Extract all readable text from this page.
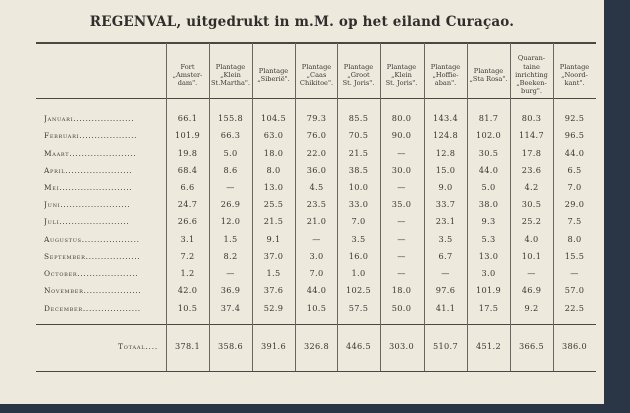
REGENVAL, uitgedrukt in m.M. op het eiland Curaçao.
Fort
„Amster-
dam".
Plantage
„Klein
St.Martha".
Plantage
„Siberië".
Plantage
„Caas
Chikitoe".
Plantage
„Groot
St. Joris".
Plantage
„Klein
St. Joris".
Plantage
„Hoffie-
aban".
Plantage
„Sta Rosa".
Quaran-
taine
inrichting
„Beeken-
burg".
Plantage
„Noord-
kant".
Januari....................	66.1	155.8	104.5	79.3	85.5	80.0	143.4	81.7	80.3	92.5
Februari...................	101.9	66.3	63.0	76.0	70.5	90.0	124.8	102.0	114.7	96.5
Maart......................	19.8	5.0	18.0	22.0	21.5	—	12.8	30.5	17.8	44.0
April......................	68.4	8.6	8.0	36.0	38.5	30.0	15.0	44.0	23.6	6.5
Mei........................	6.6	—	13.0	4.5	10.0	—	9.0	5.0	4.2	7.0
Juni.......................	24.7	26.9	25.5	23.5	33.0	35.0	33.7	38.0	30.5	29.0
Juli.......................	26.6	12.0	21.5	21.0	7.0	—	23.1	9.3	25.2	7.5
Augustus...................	3.1	1.5	9.1	—	3.5	—	3.5	5.3	4.0	8.0
September..................	7.2	8.2	37.0	3.0	16.0	—	6.7	13.0	10.1	15.5
October....................	1.2	—	1.5	7.0	1.0	—	—	3.0	—	—
November...................	42.0	36.9	37.6	44.0	102.5	18.0	97.6	101.9	46.9	57.0
December...................	10.5	37.4	52.9	10.5	57.5	50.0	41.1	17.5	9.2	22.5
Totaal....	378.1	358.6	391.6	326.8	446.5	303.0	510.7	451.2	366.5	386.0
